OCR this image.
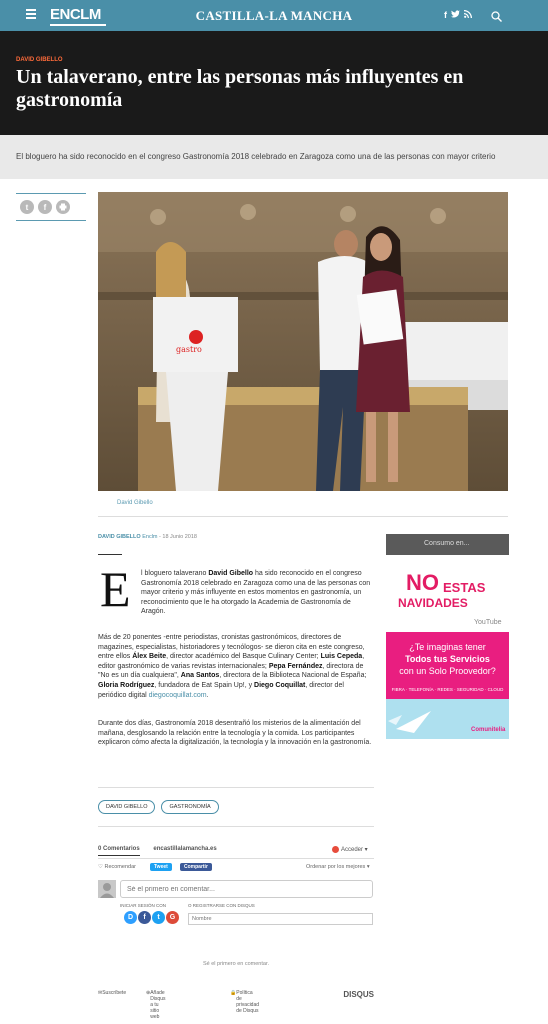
ENCLM	CASTILLA-LA MANCHA	f
DAVID GIBELLO
Un talaverano, entre las personas más influyentes en gastronomía
El bloguero ha sido reconocido en el congreso Gastronomía 2018 celebrado en Zaragoza como una de las personas con mayor criterio
t	f
gastro
David Gibello
DAVID GIBELLO Enclm - 18 Junio 2018
E l bloguero talaverano David Gibello ha sido reconocido en el congreso Gastronomía 2018 celebrado en Zaragoza como una de las personas con mayor criterio y más influyente en estos momentos en gastronomía, un reconocimiento que le ha otorgado la Academia de Gastronomía de Aragón.

Más de 20 ponentes -entre periodistas, cronistas gastronómicos, directores de magazines, especialistas, historiadores y tecnólogos- se dieron cita en este congreso, entre ellos Álex Beite, director académico del Basque Culinary Center; Luis Cepeda, editor gastronómico de varias revistas internacionales; Pepa Fernández, directora de "No es un día cualquiera", Ana Santos, directora de la Biblioteca Nacional de España; Gloria Rodríguez, fundadora de Eat Spain Up!, y Diego Coquillat, director del periódico digital diegocoquillat.com.

Durante dos días, Gastronomía 2018 desentrañó los misterios de la alimentación del mañana, desglosando la relación entre la tecnología y la comida. Los participantes explicaron cómo afecta la digitalización, la tecnología y la innovación en la gastronomía.

Consumo en...
NO ESTAS
NAVIDADES
YouTube
¿Te imaginas tener
Todos tus Servicios
con un Solo Proovedor?
FIBRA · TELEFONÍA · REDES · SEGURIDAD · CLOUD
Comunitelia
DAVID GIBELLO	GASTRONOMÍA
0 Comentarios encastillalamancha.es	Acceder ▾
♡ Recomendar	Tweet	Compartir	Ordenar por los mejores ▾
Sé el primero en comentar...
INICIAR SESIÓN CON	O REGISTRARSE CON DISQUS
D	f	t	G
Nombre
Sé el primero en comentar.
✉ Suscríbete	⊕ Añade Disqus a tu sitio web
🔒 Política de privacidad de Disqus
DISQUS
